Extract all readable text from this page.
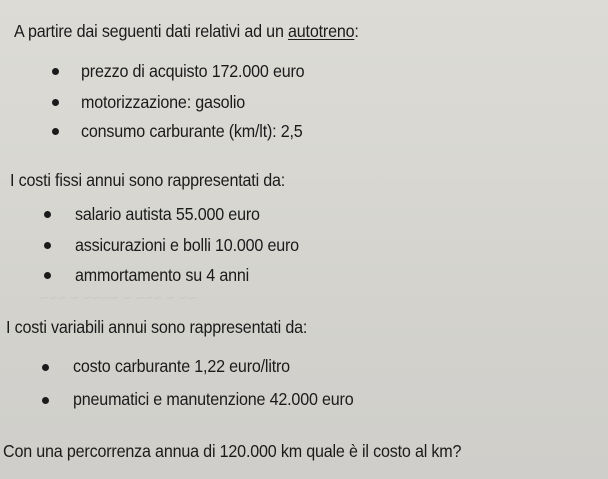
A partire dai seguenti dati relativi ad un autotreno:
prezzo di acquisto 172.000 euro
motorizzazione: gasolio
consumo carburante (km/lt): 2,5
I costi fissi annui sono rappresentati da:
salario autista 55.000 euro
assicurazioni e bolli 10.000 euro
ammortamento su 4 anni
~~ ~ ~~~ ~ ~~~~ ~ ~~~
I costi variabili annui sono rappresentati da:
costo carburante 1,22 euro/litro
pneumatici e manutenzione 42.000 euro
Con una percorrenza annua di 120.000 km quale è il costo al km?
